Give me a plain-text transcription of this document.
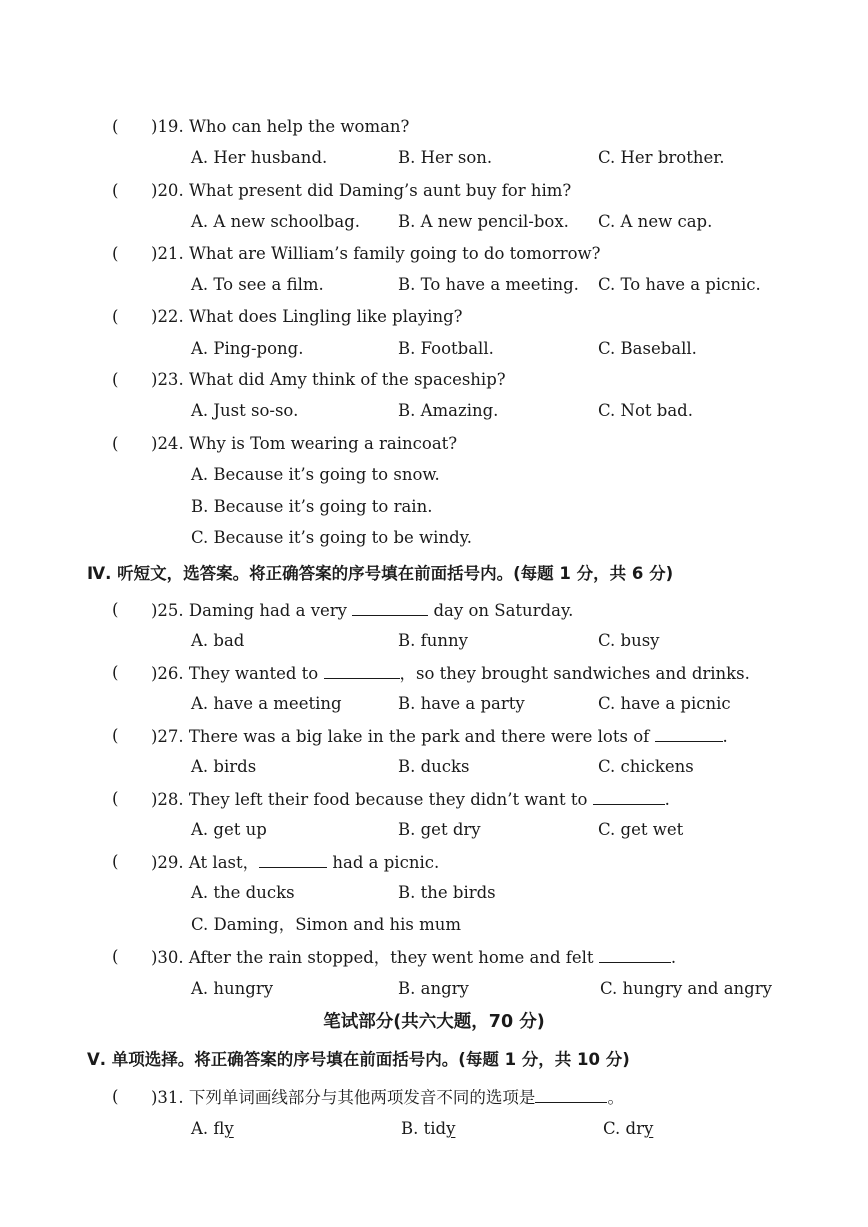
( )19. Who can help the woman?
A. Her husband.	B. Her son.	C. Her brother.
( )20. What present did Daming’s aunt buy for him?
A. A new schoolbag. B. A new pencil-box. C. A new cap.
( )21. What are William’s family going to do tomorrow?
A. To see a film.	B. To have a meeting. C. To have a picnic.
( )22. What does Lingling like playing?
A. Ping-pong.	B. Football.	C. Baseball.
( )23. What did Amy think of the spaceship?
A. Just so-so.	B. Amazing.	C. Not bad.
( )24. Why is Tom wearing a raincoat?
A. Because it’s going to snow.
B. Because it’s going to rain.
C. Because it’s going to be windy.
Ⅳ. 听短文，选答案。将正确答案的序号填在前面括号内。(每题 1 分，共 6 分)
( )25. Daming had a very	day on Saturday.
A. bad	B. funny	C. busy
( )26. They wanted to	，so they brought sandwiches and drinks.
A. have a meeting	B. have a party	C. have a picnic
( )27. There was a big lake in the park and there were lots of	.
A. birds	B. ducks	C. chickens
( )28. They left their food because they didn’t want to	.
A. get up	B. get dry	C. get wet
( )29. At last，	had a picnic.
A. the ducks	B. the birds
C. Daming，Simon and his mum
( )30. After the rain stopped，they went home and felt	.
A. hungry	B. angry	C. hungry and angry
笔试部分(共六大题，70 分)
Ⅴ. 单项选择。将正确答案的序号填在前面括号内。(每题 1 分，共 10 分)
( )31. 下列单词画线部分与其他两项发音不同的选项是	。
A. fly	B. tidy	C. dry
